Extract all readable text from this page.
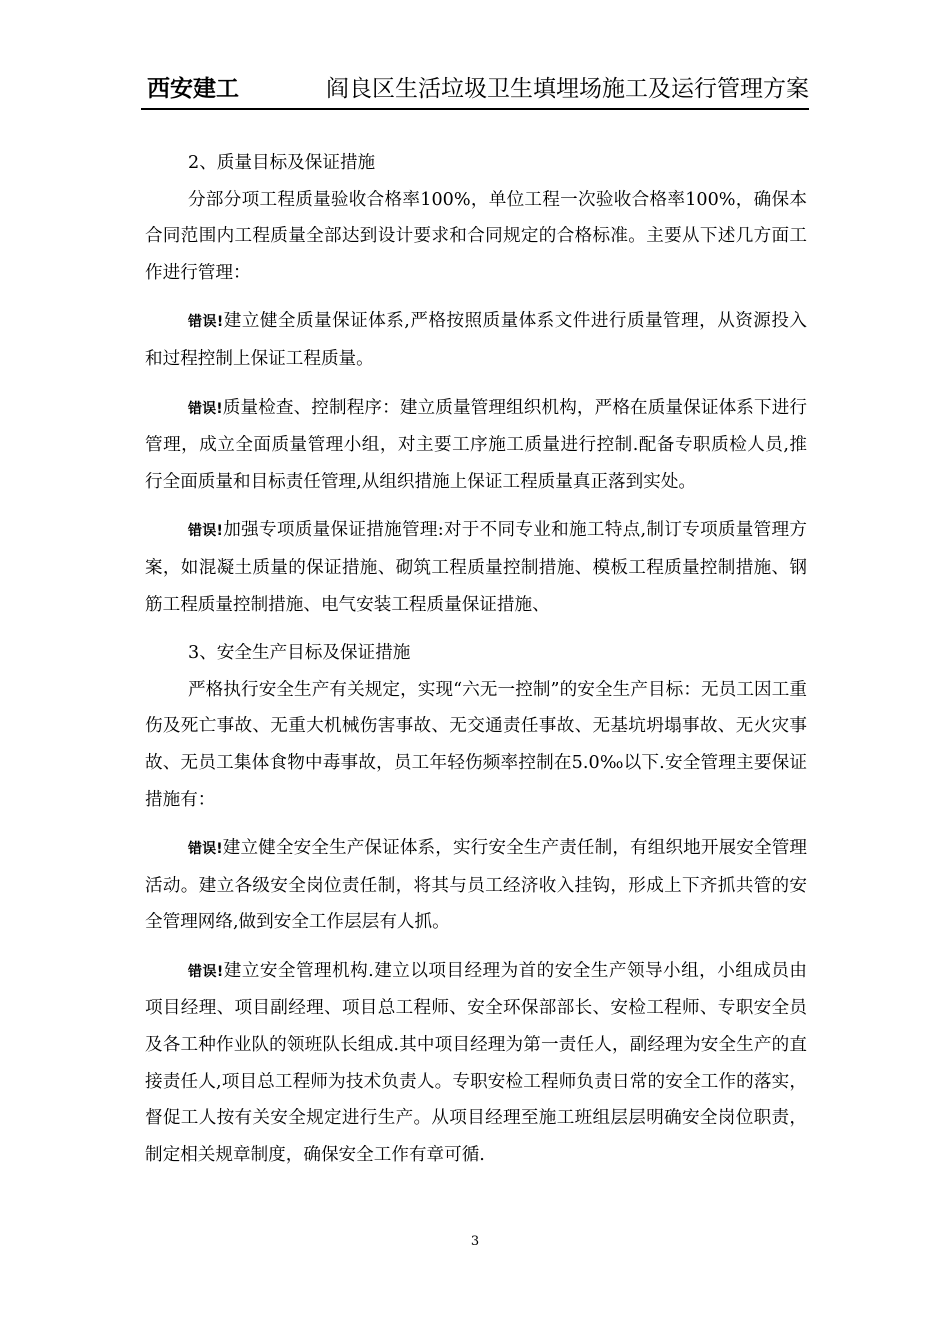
西安建工	阎良区生活垃圾卫生填埋场施工及运行管理方案

2、质量目标及保证措施

分部分项工程质量验收合格率100%，单位工程一次验收合格率100%，确保本合同范围内工程质量全部达到设计要求和合同规定的合格标准。主要从下述几方面工作进行管理：

错误!建立健全质量保证体系,严格按照质量体系文件进行质量管理，从资源投入和过程控制上保证工程质量。

错误!质量检查、控制程序：建立质量管理组织机构，严格在质量保证体系下进行管理，成立全面质量管理小组，对主要工序施工质量进行控制.配备专职质检人员,推行全面质量和目标责任管理,从组织措施上保证工程质量真正落到实处。

错误!加强专项质量保证措施管理:对于不同专业和施工特点,制订专项质量管理方案，如混凝土质量的保证措施、砌筑工程质量控制措施、模板工程质量控制措施、钢筋工程质量控制措施、电气安装工程质量保证措施、

3、安全生产目标及保证措施

严格执行安全生产有关规定，实现“六无一控制”的安全生产目标：无员工因工重伤及死亡事故、无重大机械伤害事故、无交通责任事故、无基坑坍塌事故、无火灾事故、无员工集体食物中毒事故，员工年轻伤频率控制在5.0‰以下.安全管理主要保证措施有：

错误!建立健全安全生产保证体系，实行安全生产责任制，有组织地开展安全管理活动。建立各级安全岗位责任制，将其与员工经济收入挂钩，形成上下齐抓共管的安全管理网络,做到安全工作层层有人抓。

错误!建立安全管理机构.建立以项目经理为首的安全生产领导小组，小组成员由项目经理、项目副经理、项目总工程师、安全环保部部长、安检工程师、专职安全员及各工种作业队的领班队长组成.其中项目经理为第一责任人，副经理为安全生产的直接责任人,项目总工程师为技术负责人。专职安检工程师负责日常的安全工作的落实，督促工人按有关安全规定进行生产。从项目经理至施工班组层层明确安全岗位职责，制定相关规章制度，确保安全工作有章可循.

3
